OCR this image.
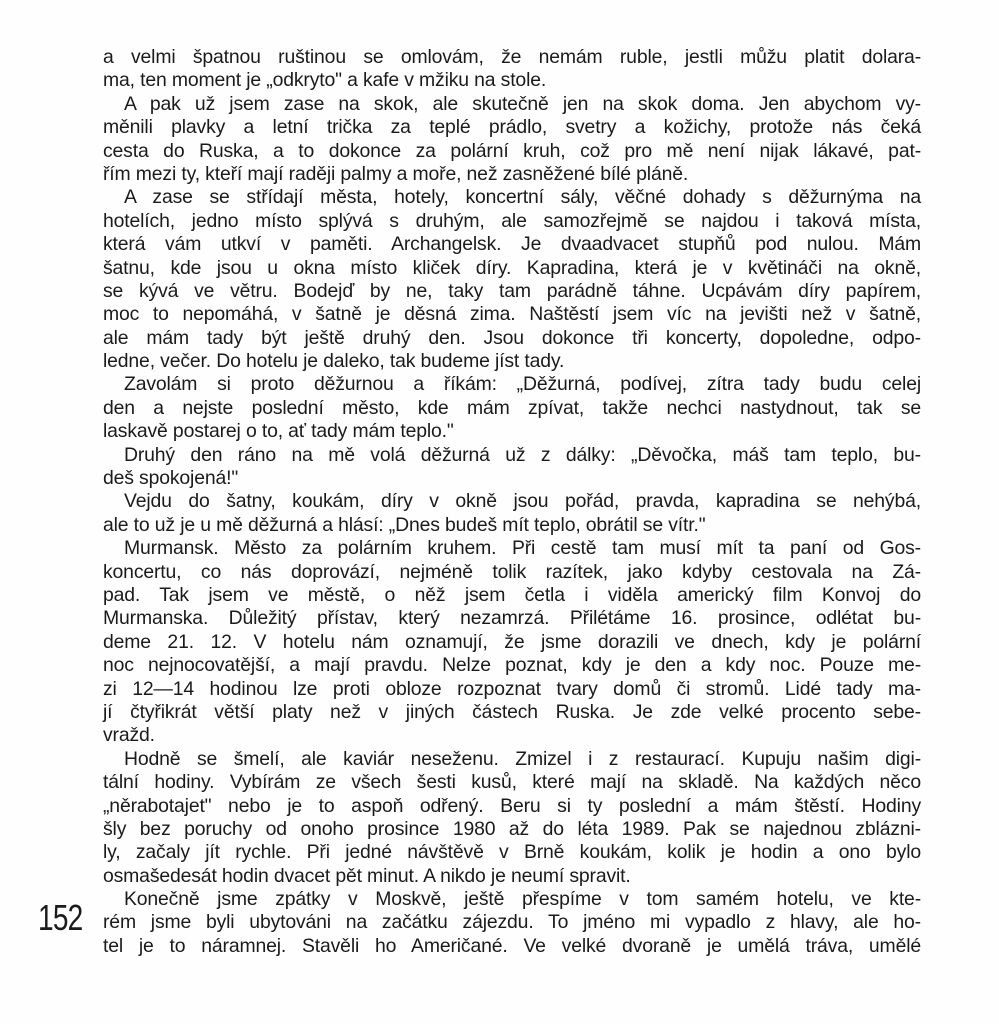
a velmi špatnou ruštinou se omlovám, že nemám ruble, jestli můžu platit dolara-
ma, ten moment je „odkryto" a kafe v mžiku na stole.
A pak už jsem zase na skok, ale skutečně jen na skok doma. Jen abychom vy-
měnili plavky a letní trička za teplé prádlo, svetry a kožichy, protože nás čeká
cesta do Ruska, a to dokonce za polární kruh, což pro mě není nijak lákavé, pat-
řím mezi ty, kteří mají raději palmy a moře, než zasněžené bílé pláně.
A zase se střídají města, hotely, koncertní sály, věčné dohady s děžurnýma na
hotelích, jedno místo splývá s druhým, ale samozřejmě se najdou i taková místa,
která vám utkví v paměti. Archangelsk. Je dvaadvacet stupňů pod nulou. Mám
šatnu, kde jsou u okna místo kliček díry. Kapradina, která je v květináči na okně,
se kývá ve větru. Bodejď by ne, taky tam parádně táhne. Ucpávám díry papírem,
moc to nepomáhá, v šatně je děsná zima. Naštěstí jsem víc na jevišti než v šatně,
ale mám tady být ještě druhý den. Jsou dokonce tři koncerty, dopoledne, odpo-
ledne, večer. Do hotelu je daleko, tak budeme jíst tady.
Zavolám si proto děžurnou a říkám: „Děžurná, podívej, zítra tady budu celej
den a nejste poslední město, kde mám zpívat, takže nechci nastydnout, tak se
laskavě postarej o to, ať tady mám teplo."
Druhý den ráno na mě volá děžurná už z dálky: „Děvočka, máš tam teplo, bu-
deš spokojená!"
Vejdu do šatny, koukám, díry v okně jsou pořád, pravda, kapradina se nehýbá,
ale to už je u mě děžurná a hlásí: „Dnes budeš mít teplo, obrátil se vítr."
Murmansk. Město za polárním kruhem. Při cestě tam musí mít ta paní od Gos-
koncertu, co nás doprovází, nejméně tolik razítek, jako kdyby cestovala na Zá-
pad. Tak jsem ve městě, o něž jsem četla i viděla americký film Konvoj do
Murmanska. Důležitý přístav, který nezamrzá. Přilétáme 16. prosince, odlétat bu-
deme 21. 12. V hotelu nám oznamují, že jsme dorazili ve dnech, kdy je polární
noc nejnocovatější, a mají pravdu. Nelze poznat, kdy je den a kdy noc. Pouze me-
zi 12—14 hodinou lze proti obloze rozpoznat tvary domů či stromů. Lidé tady ma-
jí čtyřikrát větší platy než v jiných částech Ruska. Je zde velké procento sebe-
vražd.
Hodně se šmelí, ale kaviár neseženu. Zmizel i z restaurací. Kupuju našim digi-
tální hodiny. Vybírám ze všech šesti kusů, které mají na skladě. Na každých něco
„něrabotajet" nebo je to aspoň odřený. Beru si ty poslední a mám štěstí. Hodiny
šly bez poruchy od onoho prosince 1980 až do léta 1989. Pak se najednou zblázni-
ly, začaly jít rychle. Při jedné návštěvě v Brně koukám, kolik je hodin a ono bylo
osmašedesát hodin dvacet pět minut. A nikdo je neumí spravit.
Konečně jsme zpátky v Moskvě, ještě přespíme v tom samém hotelu, ve kte-
rém jsme byli ubytováni na začátku zájezdu. To jméno mi vypadlo z hlavy, ale ho-
tel je to náramnej. Stavěli ho Američané. Ve velké dvoraně je umělá tráva, umělé
152
